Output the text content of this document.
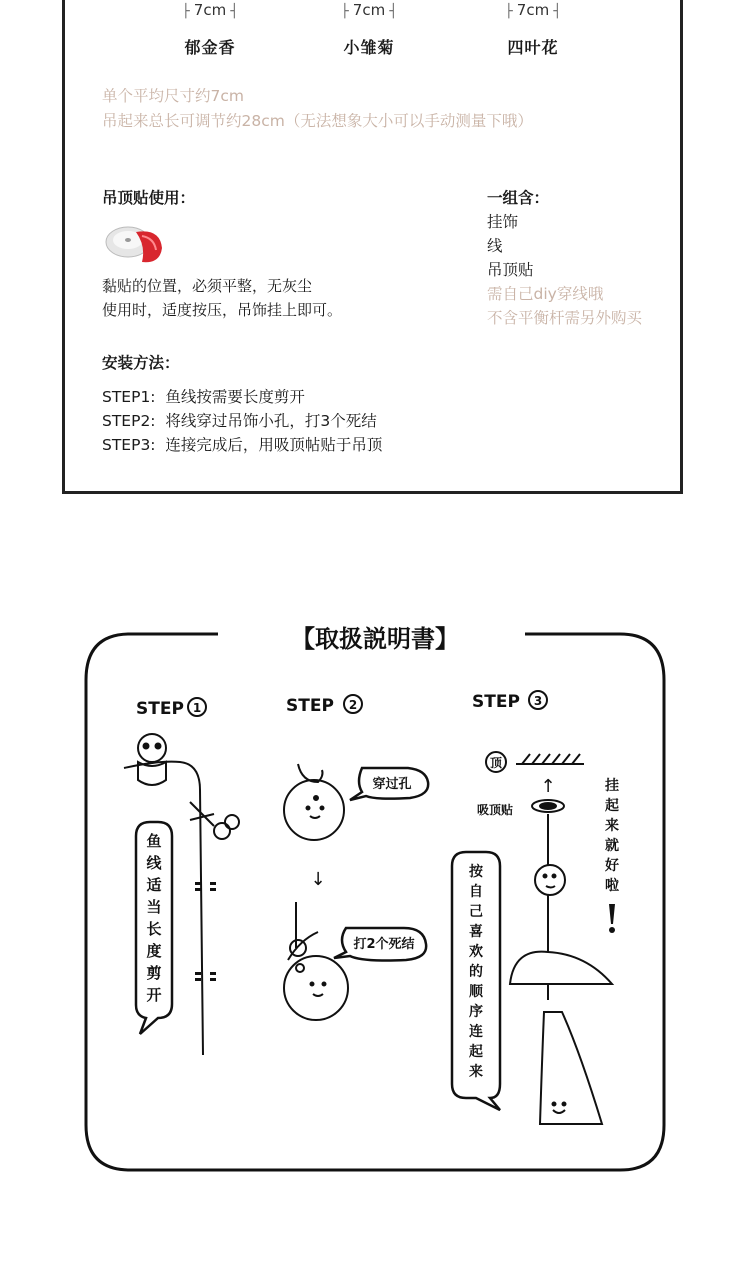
├ 7cm ┤
郁金香
├ 7cm ┤
小雏菊
├ 7cm ┤
四叶花
单个平均尺寸约7cm
吊起来总长可调节约28cm（无法想象大小可以手动测量下哦）
吊顶贴使用：
黏贴的位置，必须平整，无灰尘
使用时，适度按压，吊饰挂上即可。
一组含：
挂饰
线
吊顶贴
需自己diy穿线哦
不含平衡杆需另外购买
安装方法：
STEP1:  鱼线按需要长度剪开
STEP2:  将线穿过吊饰小孔，打3个死结
STEP3:  连接完成后，用吸顶帖贴于吊顶
【取扱説明書】
STEP 1
鱼
线
适
当
长
度
剪
开
STEP 2
穿过孔
↓
打2个死结
STEP 3
顶
↑
吸顶贴
按
自
己
喜
欢
的
顺
序
连
起
来
挂
起
来
就
好
啦
